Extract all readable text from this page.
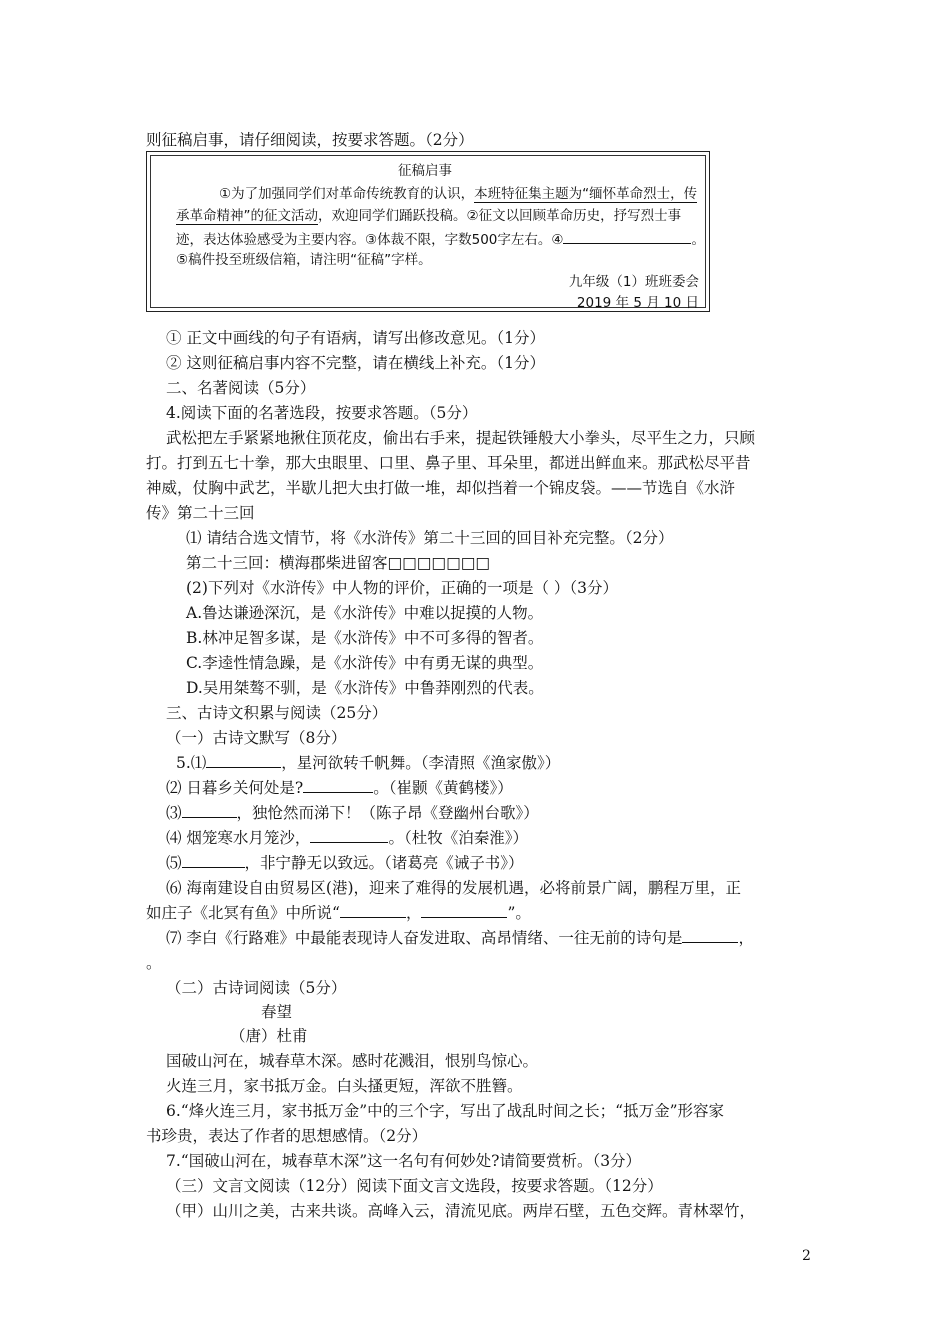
则征稿启事，请仔细阅读，按要求答题。（2分）
征稿启事
①为了加强同学们对革命传统教育的认识，本班特征集主题为“缅怀革命烈士，传
承革命精神”的征文活动，欢迎同学们踊跃投稿。②征文以回顾革命历史，抒写烈士事
迹，表达体验感受为主要内容。③体裁不限，字数500字左右。④	。
⑤稿件投至班级信箱，请注明“征稿”字样。
九年级（1）班班委会
2019 年 5 月 10 日
① 正文中画线的句子有语病，请写出修改意见。（1分）
② 这则征稿启事内容不完整，请在横线上补充。（1分）
二、名著阅读（5分）
4.阅读下面的名著选段，按要求答题。（5分）
武松把左手紧紧地揪住顶花皮，偷出右手来，提起铁锤般大小拳头，尽平生之力，只顾
打。打到五七十拳，那大虫眼里、口里、鼻子里、耳朵里，都迸出鲜血来。那武松尽平昔
神威，仗胸中武艺，半歇儿把大虫打做一堆，却似挡着一个锦皮袋。——节选自《水浒
传》第二十三回
⑴ 请结合选文情节，将《水浒传》第二十三回的回目补充完整。（2分）
第二十三回：横海郡柴进留客□□□□□□□
(2)下列对《水浒传》中人物的评价，正确的一项是（ ）（3分）
A.鲁达谦逊深沉，是《水浒传》中难以捉摸的人物。
B.林冲足智多谋，是《水浒传》中不可多得的智者。
C.李逵性情急躁，是《水浒传》中有勇无谋的典型。
D.吴用桀骜不驯，是《水浒传》中鲁莽刚烈的代表。
三、古诗文积累与阅读（25分）
（一）古诗文默写（8分）
5.⑴	，星河欲转千帆舞。（李清照《渔家傲》）
⑵ 日暮乡关何处是?	。（崔颢《黄鹤楼》）
⑶	，独怆然而涕下！（陈子昂《登幽州台歌》）
⑷ 烟笼寒水月笼沙，	。（杜牧《泊秦淮》）
⑸	，非宁静无以致远。（诸葛亮《诫子书》）
⑹ 海南建设自由贸易区(港)，迎来了难得的发展机遇，必将前景广阔，鹏程万里，正
如庄子《北冥有鱼》中所说“	，	”。
⑺ 李白《行路难》中最能表现诗人奋发进取、高昂情绪、一往无前的诗句是	，
。
（二）古诗词阅读（5分）
春望
（唐）杜甫
国破山河在，城春草木深。感时花溅泪，恨别鸟惊心。
火连三月，家书抵万金。白头搔更短，浑欲不胜簪。
6.“烽火连三月，家书抵万金”中的三个字，写出了战乱时间之长；“抵万金”形容家
书珍贵，表达了作者的思想感情。（2分）
7.“国破山河在，城春草木深”这一名句有何妙处?请简要赏析。（3分）
（三）文言文阅读（12分）阅读下面文言文选段，按要求答题。（12分）
（甲）山川之美，古来共谈。高峰入云，清流见底。两岸石壁，五色交辉。青林翠竹，
2
